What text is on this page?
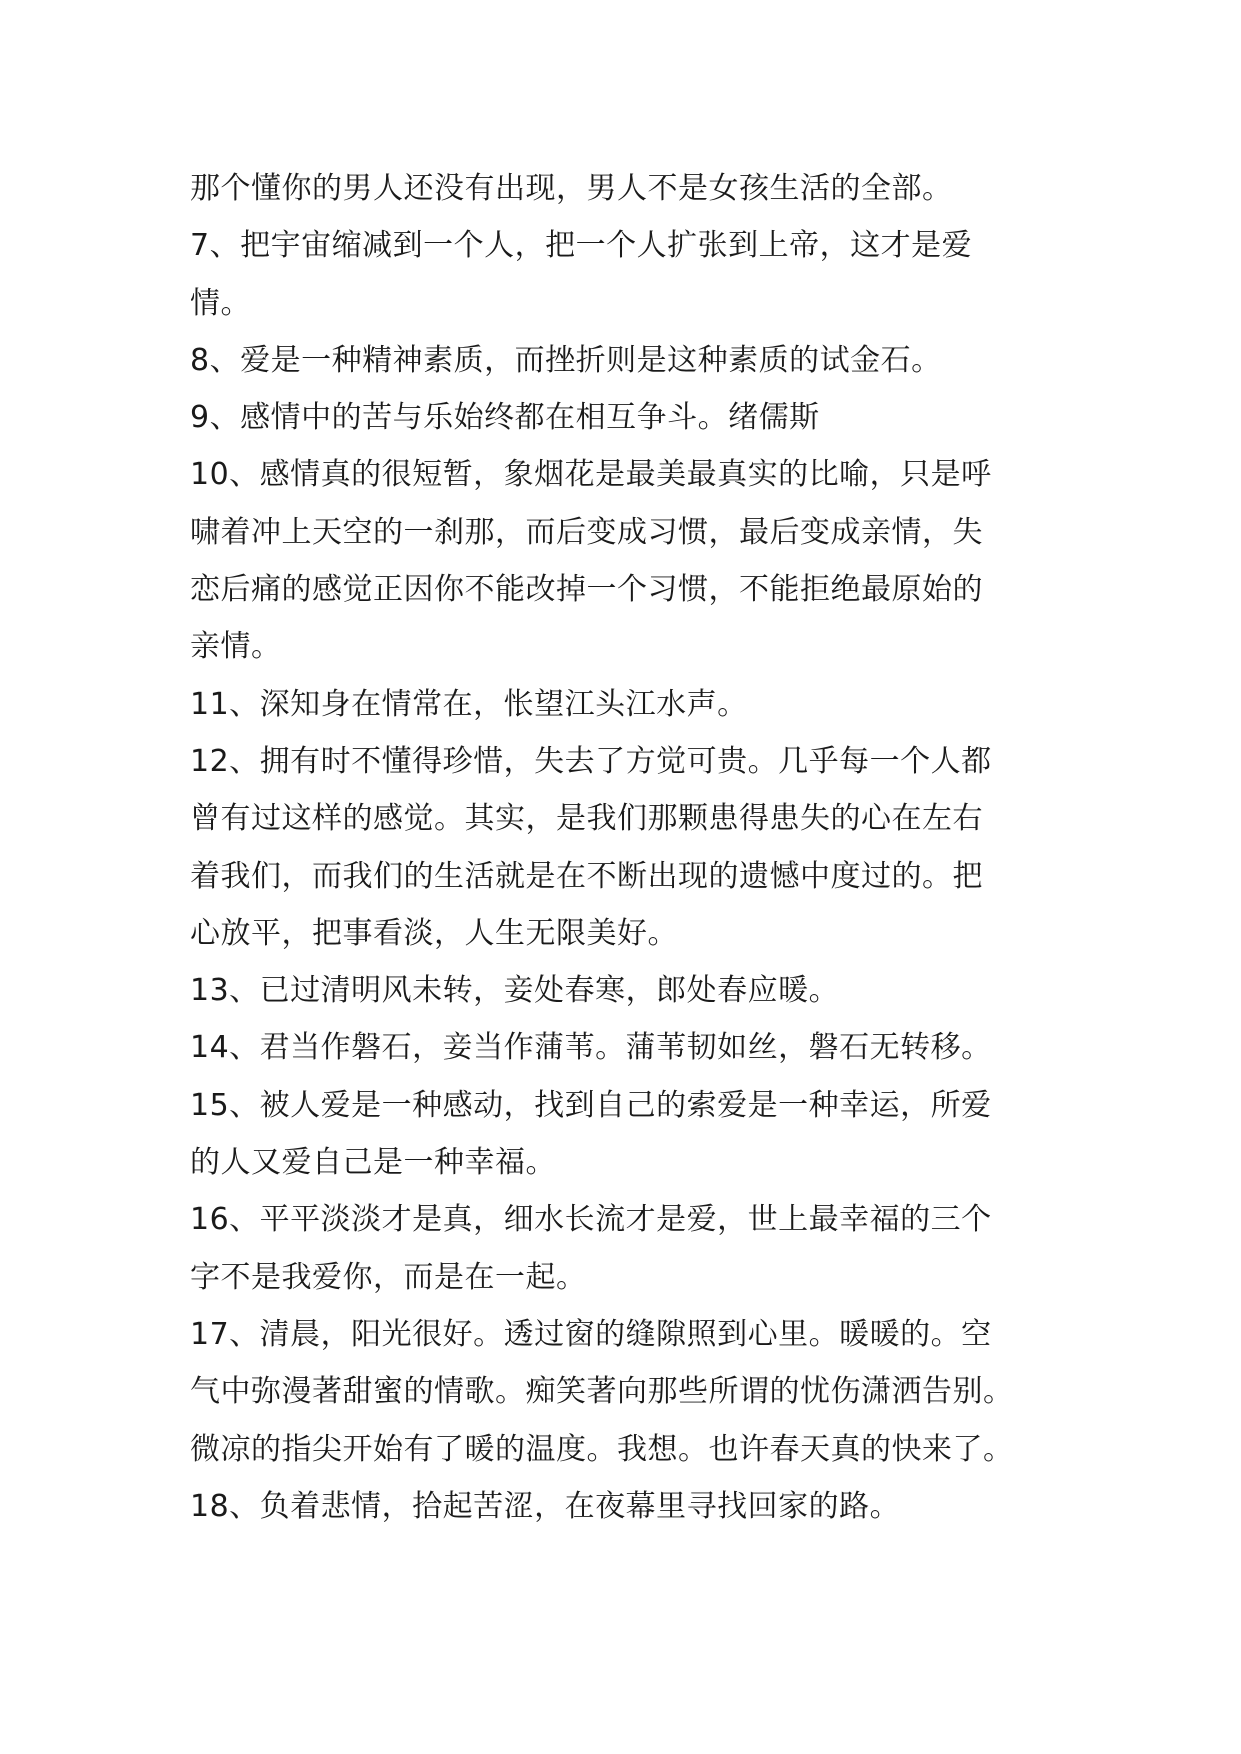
那个懂你的男人还没有出现，男人不是女孩生活的全部。
7、把宇宙缩减到一个人，把一个人扩张到上帝，这才是爱
情。
8、爱是一种精神素质，而挫折则是这种素质的试金石。
9、感情中的苦与乐始终都在相互争斗。绪儒斯
10、感情真的很短暂，象烟花是最美最真实的比喻，只是呼
啸着冲上天空的一刹那，而后变成习惯，最后变成亲情，失
恋后痛的感觉正因你不能改掉一个习惯，不能拒绝最原始的
亲情。
11、深知身在情常在，怅望江头江水声。
12、拥有时不懂得珍惜，失去了方觉可贵。几乎每一个人都
曾有过这样的感觉。其实，是我们那颗患得患失的心在左右
着我们，而我们的生活就是在不断出现的遗憾中度过的。把
心放平，把事看淡，人生无限美好。
13、已过清明风未转，妾处春寒，郎处春应暖。
14、君当作磐石，妾当作蒲苇。蒲苇韧如丝，磐石无转移。
15、被人爱是一种感动，找到自己的索爱是一种幸运，所爱
的人又爱自己是一种幸福。
16、平平淡淡才是真，细水长流才是爱，世上最幸福的三个
字不是我爱你，而是在一起。
17、清晨，阳光很好。透过窗的缝隙照到心里。暖暖的。空
气中弥漫著甜蜜的情歌。痴笑著向那些所谓的忧伤潇洒告别。
微凉的指尖开始有了暖的温度。我想。也许春天真的快来了。
18、负着悲情，拾起苦涩，在夜幕里寻找回家的路。
